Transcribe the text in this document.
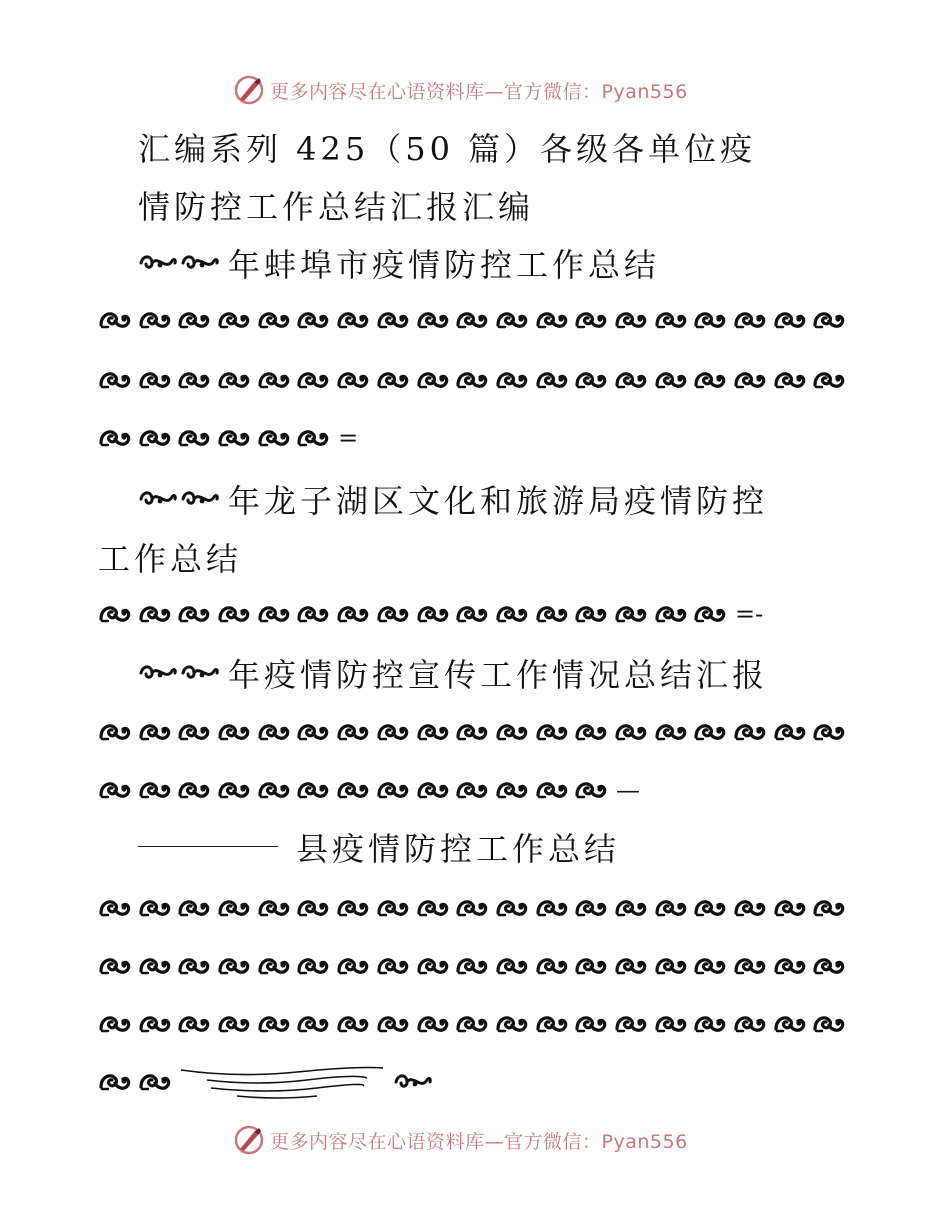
更多内容尽在心语资料库—官方微信：Pyan556
汇编系列 425（50 篇）各级各单位疫
情防控工作总结汇报汇编
年蚌埠市疫情防控工作总结
=
年龙子湖区文化和旅游局疫情防控
工作总结
=-
年疫情防控宣传工作情况总结汇报
—
县疫情防控工作总结
更多内容尽在心语资料库—官方微信：Pyan556
